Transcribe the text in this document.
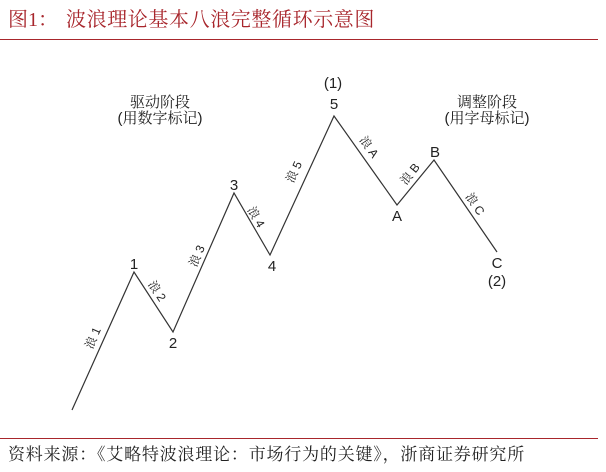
图1： 波浪理论基本八浪完整循环示意图
驱动阶段
(用数字标记)
调整阶段
(用字母标记)
1
2
3
4
5
(1)
A
B
C
(2)
浪 1
浪 2
浪 3
浪 4
浪 5
浪 A
浪 B
浪 C
资料来源：《艾略特波浪理论：市场行为的关键》，浙商证券研究所
